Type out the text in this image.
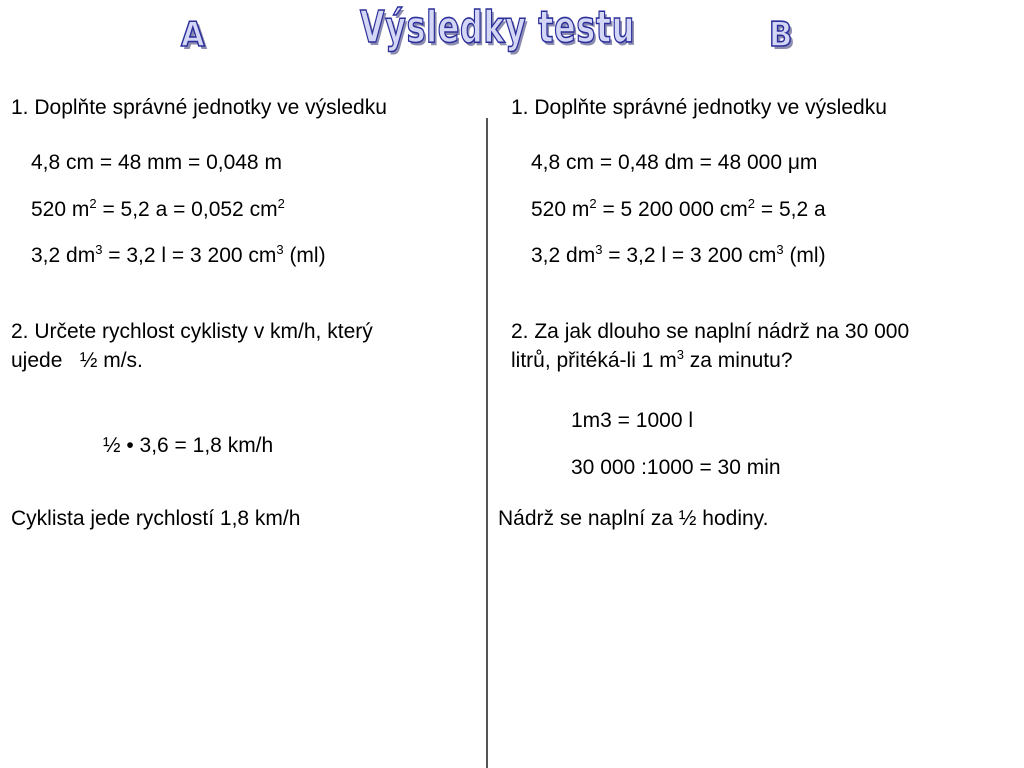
A	Výsledky testu	B
1. Doplňte správné jednotky ve výsledku
4,8 cm = 48 mm = 0,048 m
520 $m^2 = 5,2$ a = 0,052 $cm^2$
3,2 $dm^3 = 3,2$ l = 3 200 $cm^3$ (ml)
2. Určete rychlost cyklisty v km/h, který
ujede   ½ m/s.
½ • 3,6 = 1,8 km/h
Cyklista jede rychlostí 1,8 km/h
1. Doplňte správné jednotky ve výsledku
4,8 cm = 0,48 dm = 48 000 μm
520 $m^2 = 5$ 200 000 $cm^2 = 5,2$ a
3,2 $dm^3 = 3,2$ l = 3 200 $cm^3$ (ml)
2. Za jak dlouho se naplní nádrž na 30 000
litrů, přitéká-li 1 $m^3$ za minutu?
1m3 = 1000 l
30 000 :1000 = 30 min
Nádrž se naplní za ½ hodiny.
